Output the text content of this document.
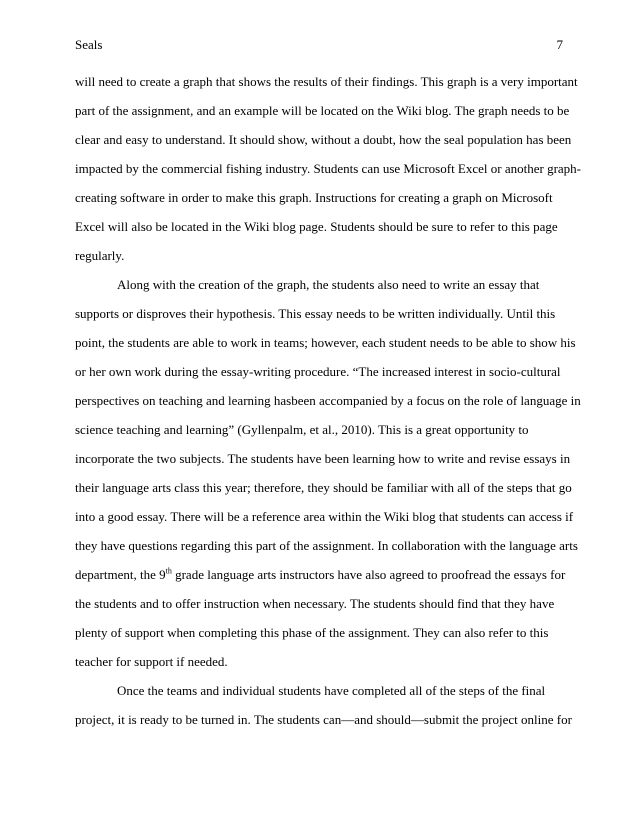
Seals	7
will need to create a graph that shows the results of their findings. This graph is a very important
part of the assignment, and an example will be located on the Wiki blog. The graph needs to be
clear and easy to understand. It should show, without a doubt, how the seal population has been
impacted by the commercial fishing industry. Students can use Microsoft Excel or another graph-
creating software in order to make this graph. Instructions for creating a graph on Microsoft
Excel will also be located in the Wiki blog page. Students should be sure to refer to this page
regularly.
Along with the creation of the graph, the students also need to write an essay that
supports or disproves their hypothesis. This essay needs to be written individually. Until this
point, the students are able to work in teams; however, each student needs to be able to show his
or her own work during the essay-writing procedure. “The increased interest in socio-cultural
perspectives on teaching and learning hasbeen accompanied by a focus on the role of language in
science teaching and learning” (Gyllenpalm, et al., 2010). This is a great opportunity to
incorporate the two subjects. The students have been learning how to write and revise essays in
their language arts class this year; therefore, they should be familiar with all of the steps that go
into a good essay. There will be a reference area within the Wiki blog that students can access if
they have questions regarding this part of the assignment. In collaboration with the language arts
department, the 9th grade language arts instructors have also agreed to proofread the essays for
the students and to offer instruction when necessary. The students should find that they have
plenty of support when completing this phase of the assignment. They can also refer to this
teacher for support if needed.
Once the teams and individual students have completed all of the steps of the final
project, it is ready to be turned in. The students can—and should—submit the project online for
